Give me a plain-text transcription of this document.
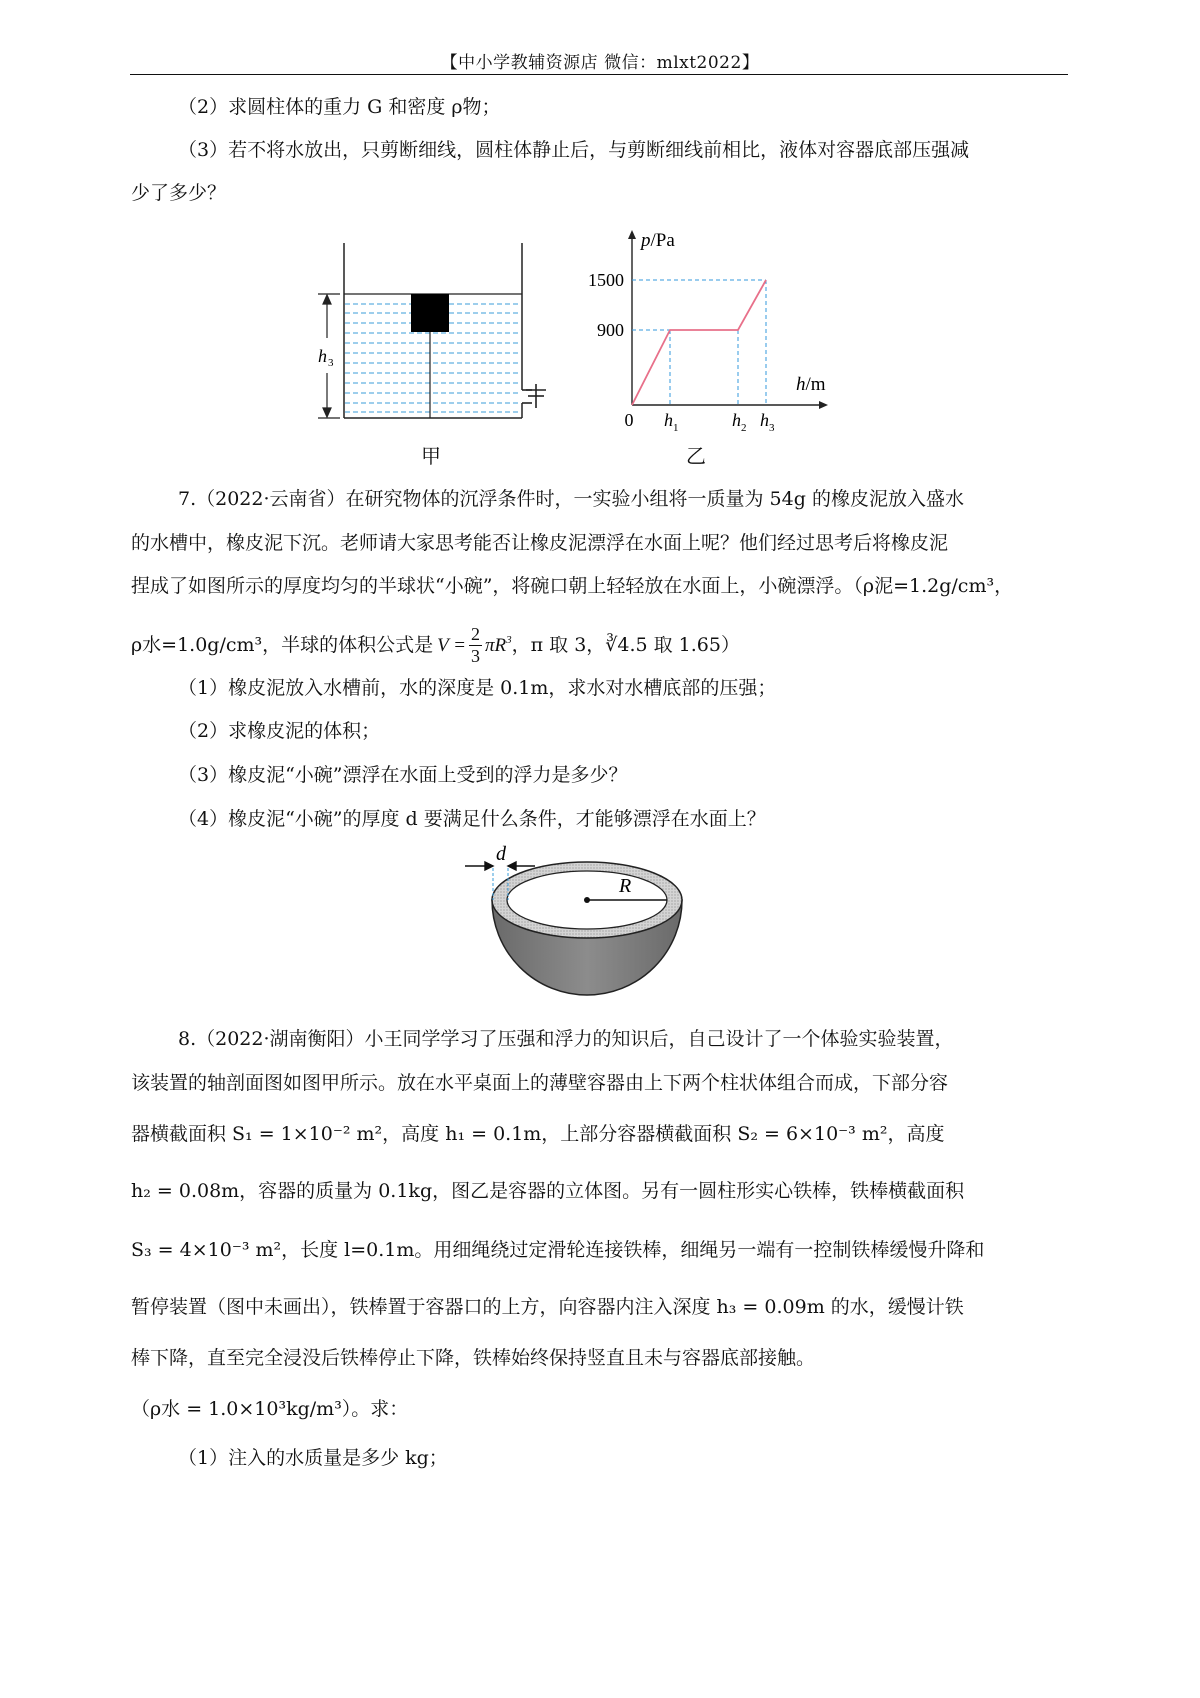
【中小学教辅资源店 微信：mlxt2022】
（2）求圆柱体的重力 G 和密度 ρ物；
（3）若不将水放出，只剪断细线，圆柱体静止后，与剪断细线前相比，液体对容器底部压强减
少了多少？
h 3
甲
p/Pa
h/m
900
1500
0 $h_1$	$h_2$ $h_3$
乙
7.（2022·云南省）在研究物体的沉浮条件时，一实验小组将一质量为 54g 的橡皮泥放入盛水
的水槽中，橡皮泥下沉。老师请大家思考能否让橡皮泥漂浮在水面上呢？他们经过思考后将橡皮泥
捏成了如图所示的厚度均匀的半球状“小碗”，将碗口朝上轻轻放在水面上，小碗漂浮。（ρ泥=1.2g/cm³，
ρ水=1.0g/cm³，半球的体积公式是 $V = \frac{2}{3} \pi R^3$ ，π 取 3，∛4.5 取 1.65）
（1）橡皮泥放入水槽前，水的深度是 0.1m，求水对水槽底部的压强；
（2）求橡皮泥的体积；
（3）橡皮泥“小碗”漂浮在水面上受到的浮力是多少？
（4）橡皮泥“小碗”的厚度 d 要满足什么条件，才能够漂浮在水面上？
R
d
8.（2022·湖南衡阳）小王同学学习了压强和浮力的知识后，自己设计了一个体验实验装置，
该装置的轴剖面图如图甲所示。放在水平桌面上的薄壁容器由上下两个柱状体组合而成，下部分容
器横截面积 S₁ = 1×10⁻² m²，高度 h₁ = 0.1m，上部分容器横截面积 S₂ = 6×10⁻³ m²，高度
h₂ = 0.08m，容器的质量为 0.1kg，图乙是容器的立体图。另有一圆柱形实心铁棒，铁棒横截面积
S₃ = 4×10⁻³ m²，长度 l=0.1m。用细绳绕过定滑轮连接铁棒，细绳另一端有一控制铁棒缓慢升降和
暂停装置（图中未画出），铁棒置于容器口的上方，向容器内注入深度 h₃ = 0.09m 的水，缓慢计铁
棒下降，直至完全浸没后铁棒停止下降，铁棒始终保持竖直且未与容器底部接触。
（ρ水 = 1.0×10³kg/m³）。求：
（1）注入的水质量是多少 kg；
